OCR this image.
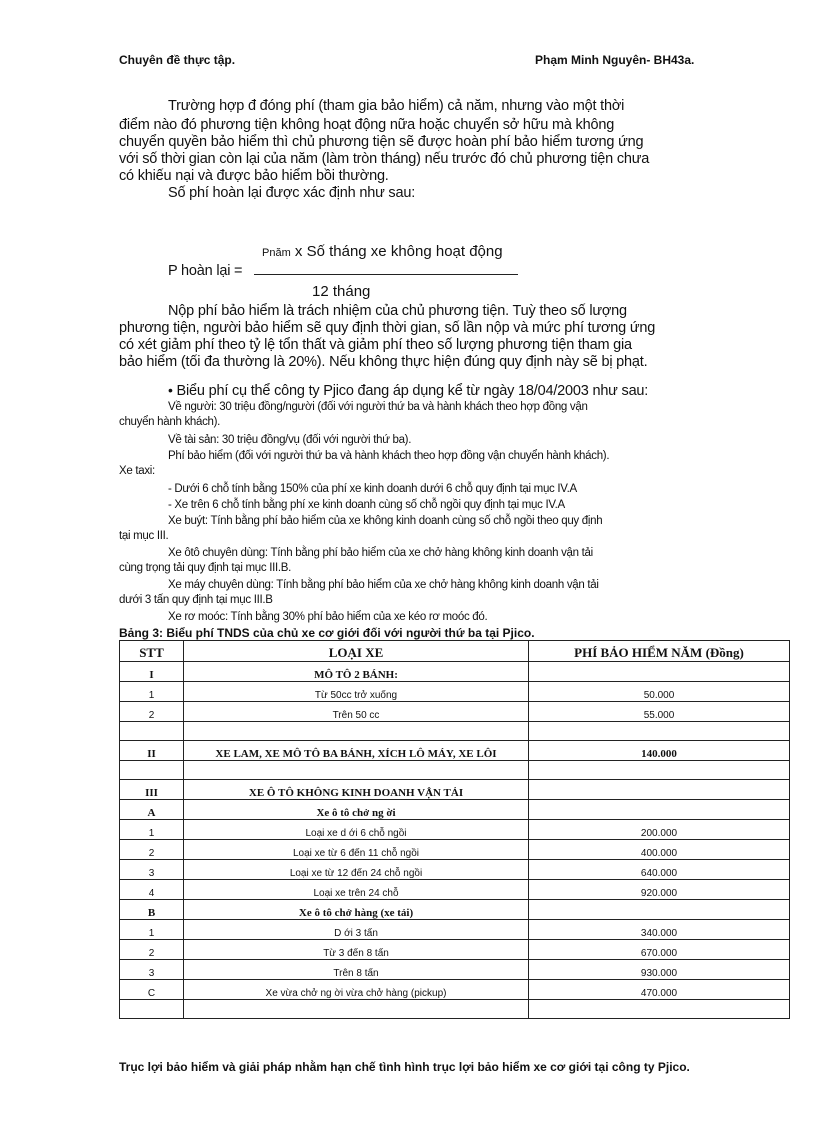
Chuyên đề thực tập.	Phạm Minh Nguyên- BH43a.
Trường hợp đ đóng phí (tham gia bảo hiểm) cả năm, nhưng vào một thời
điểm nào đó phương tiện không hoạt động nữa hoặc chuyển sở hữu mà không
chuyển quyền bảo hiểm thì chủ phương tiện sẽ được hoàn phí bảo hiểm tương ứng
với số thời gian còn lại của năm (làm tròn tháng) nếu trước đó chủ phương tiện chưa
có khiếu nại và được bảo hiểm bồi thường.
Số phí hoàn lại được xác định như sau:
P hoàn lại =
Pnăm x Số tháng xe không hoạt động
12 tháng
Nộp phí bảo hiểm là trách nhiệm của chủ phương tiện. Tuỳ theo số lượng
phương tiện, người bảo hiểm sẽ quy định thời gian, số lần nộp và mức phí tương ứng
có xét giảm phí theo tỷ lệ tổn thất và giảm phí theo số lượng phương tiện tham gia
bảo hiểm (tối đa thường là 20%). Nếu không thực hiện đúng quy định này sẽ bị phạt.
• Biểu phí cụ thể công ty Pjico đang áp dụng kể từ ngày 18/04/2003 như sau:
Về người: 30 triệu đồng/người (đối với người thứ ba và hành khách theo hợp đồng vận
chuyển hành khách).
Về tài sản: 30 triệu đồng/vụ (đối với người thứ ba).
Phí bảo hiểm (đối với người thứ ba và hành khách theo hợp đồng vận chuyển hành khách).
Xe taxi:
- Dưới 6 chỗ tính bằng 150% của phí xe kinh doanh dưới 6 chỗ quy định tại mục IV.A
- Xe trên 6 chỗ tính bằng phí xe kinh doanh cùng số chỗ ngồi quy định tại mục IV.A
Xe buýt: Tính bằng phí bảo hiểm của xe không kinh doanh cùng số chỗ ngồi theo quy định
tại mục III.
Xe ôtô chuyên dùng: Tính bằng phí bảo hiểm của xe chở hàng không kinh doanh vận tải
cùng trọng tải quy định tại mục III.B.
Xe máy chuyên dùng: Tính bằng phí bảo hiểm của xe chở hàng không kinh doanh vận tải
dưới 3 tấn quy định tại mục III.B
Xe rơ moóc: Tính bằng 30% phí bảo hiểm của xe kéo rơ moóc đó.
Bảng 3: Biểu phí TNDS của chủ xe cơ giới đối với người thứ ba tại Pjico.
STT	LOẠI XE	PHÍ BẢO HIỂM NĂM (Đồng)
I	MÔ TÔ 2 BÁNH:	
1	Từ 50cc trở xuống	50.000
2	Trên 50 cc	55.000

II	XE LAM, XE MÔ TÔ BA BÁNH, XÍCH LÔ MÁY, XE LÔI	140.000

III	XE Ô TÔ KHÔNG KINH DOANH VẬN TẢI	
A	Xe ô tô chở ng ời	
1	Loại xe d ới 6 chỗ ngồi	200.000
2	Loại xe từ 6 đến 11 chỗ ngồi	400.000
3	Loại xe từ 12 đến 24 chỗ ngồi	640.000
4	Loại xe trên 24 chỗ	920.000
B	Xe ô tô chở hàng (xe tải)	
1	D ới 3 tấn	340.000
2	Từ 3 đến 8 tấn	670.000
3	Trên 8 tấn	930.000
C	Xe vừa chở ng ời vừa chở hàng (pickup)	470.000

Trục lợi bảo hiểm và giải pháp nhằm hạn chế tình hình trục lợi bảo hiểm xe cơ giới tại công ty Pjico.
